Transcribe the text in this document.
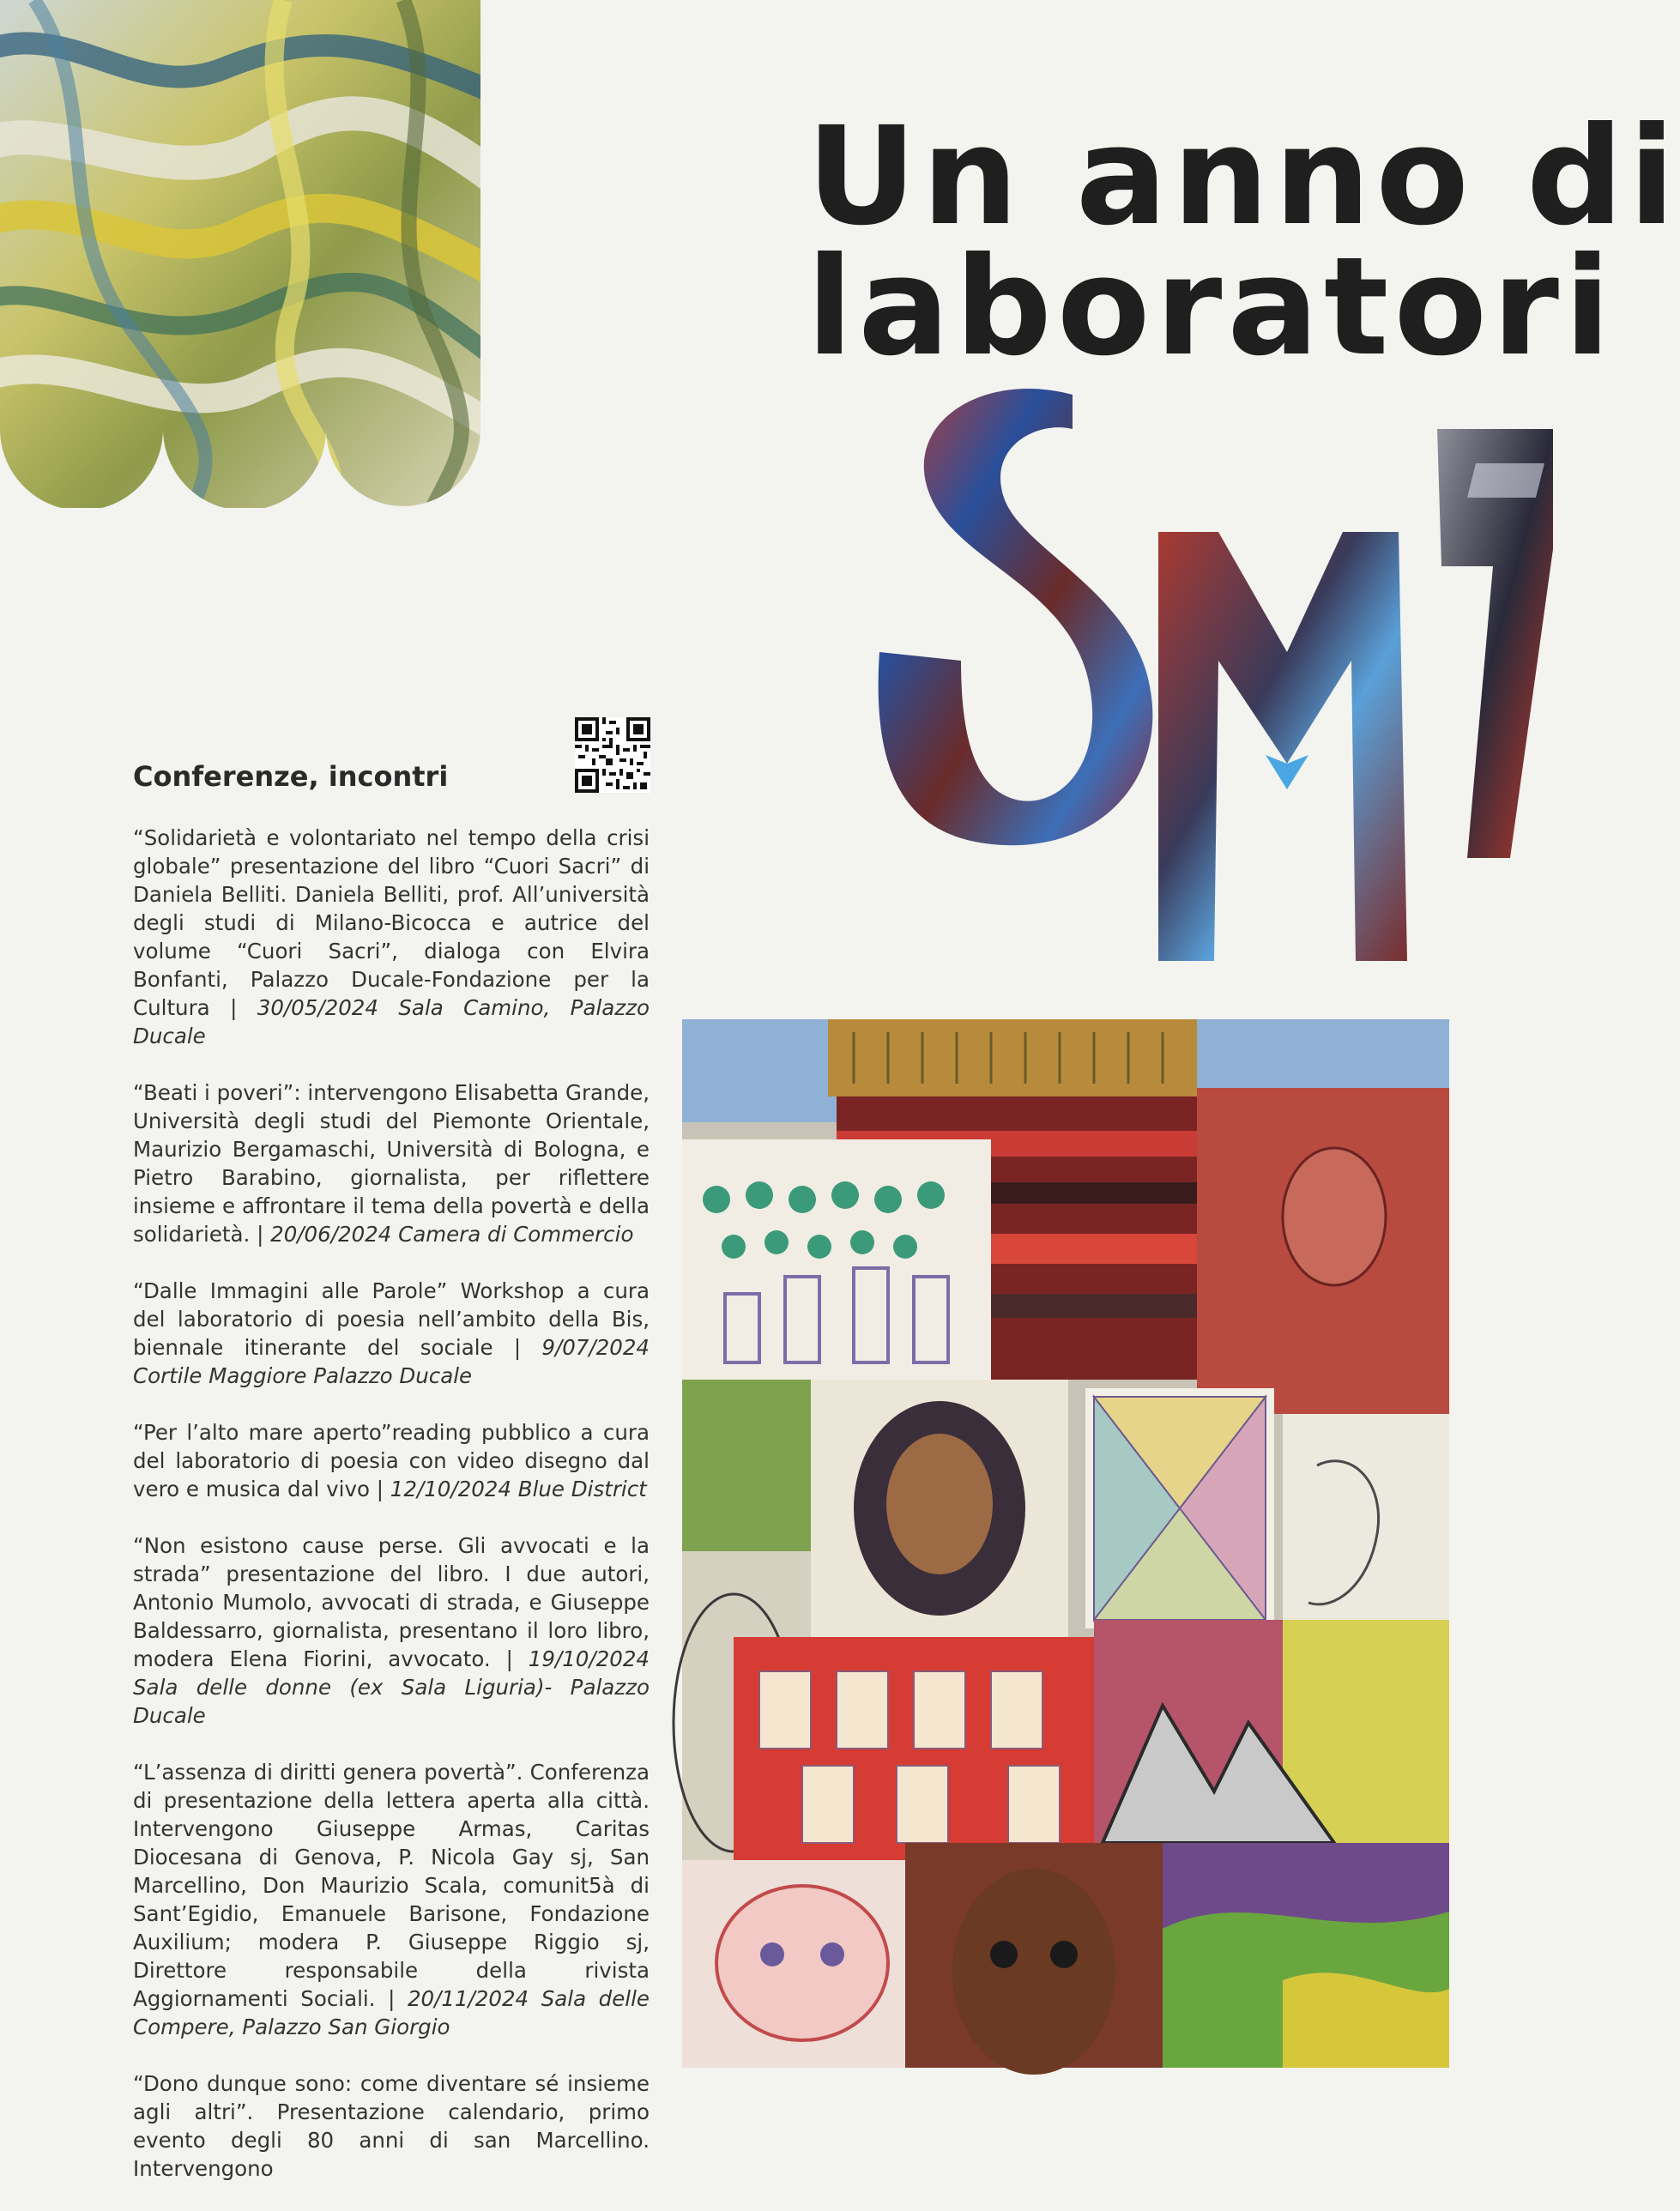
Un anno di
laboratori
Conferenze, incontri

“Solidarietà e volontariato nel tempo della crisi globale” presentazione del libro “Cuori Sacri” di Daniela Belliti. Daniela Belliti, prof. All’università degli studi di Milano-Bicocca e autrice del volume “Cuori Sacri”, dialoga con Elvira Bonfanti, Palazzo Ducale-Fondazione per la Cultura | 30/05/2024 Sala Camino, Palazzo Ducale

“Beati i poveri”: intervengono Elisabetta Grande, Università degli studi del Piemonte Orientale, Maurizio Bergamaschi, Università di Bologna, e Pietro Barabino, giornalista, per riflettere insieme e affrontare il tema della povertà e della solidarietà. | 20/06/2024 Camera di Commercio

“Dalle Immagini alle Parole” Workshop a cura del laboratorio di poesia nell’ambito della Bis, biennale itinerante del sociale | 9/07/2024 Cortile Maggiore Palazzo Ducale

“Per l’alto mare aperto”reading pubblico a cura del laboratorio di poesia con video disegno dal vero e musica dal vivo | 12/10/2024 Blue District

“Non esistono cause perse. Gli avvocati e la strada” presentazione del libro. I due autori, Antonio Mumolo, avvocati di strada, e Giuseppe Baldessarro, giornalista, presentano il loro libro, modera Elena Fiorini, avvocato. | 19/10/2024 Sala delle donne (ex Sala Liguria)- Palazzo Ducale

“L’assenza di diritti genera povertà”. Conferenza di presentazione della lettera aperta alla città. Intervengono Giuseppe Armas, Caritas Diocesana di Genova, P. Nicola Gay sj, San Marcellino, Don Maurizio Scala, comunit5à di Sant’Egidio, Emanuele Barisone, Fondazione Auxilium; modera P. Giuseppe Riggio sj, Direttore responsabile della rivista Aggiornamenti Sociali. | 20/11/2024 Sala delle Compere, Palazzo San Giorgio

“Dono dunque sono: come diventare sé insieme agli altri”. Presentazione calendario, primo evento degli 80 anni di san Marcellino. Intervengono
